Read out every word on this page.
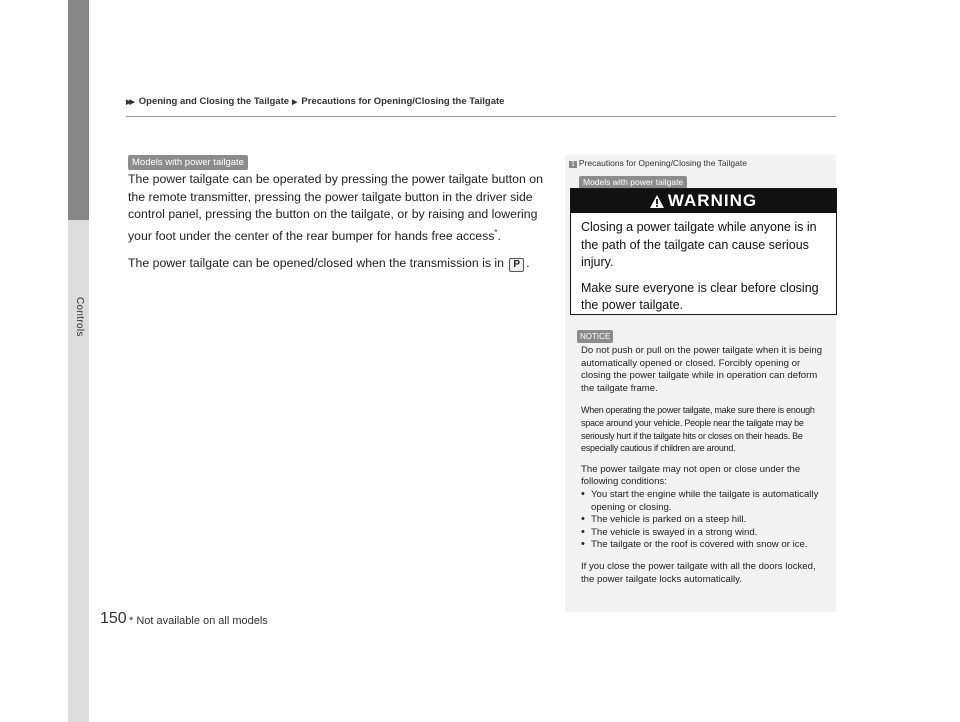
Controls
▶▶ Opening and Closing the Tailgate ▶ Precautions for Opening/Closing the Tailgate
Models with power tailgate

The power tailgate can be operated by pressing the power tailgate button on the remote transmitter, pressing the power tailgate button in the driver side control panel, pressing the button on the tailgate, or by raising and lowering your foot under the center of the rear bumper for hands free access*.

The power tailgate can be opened/closed when the transmission is in P .

1 Precautions for Opening/Closing the Tailgate
Models with power tailgate
WARNING

Closing a power tailgate while anyone is in the path of the tailgate can cause serious injury.

Make sure everyone is clear before closing the power tailgate.

NOTICE

Do not push or pull on the power tailgate when it is being automatically opened or closed. Forcibly opening or closing the power tailgate while in operation can deform the tailgate frame.

When operating the power tailgate, make sure there is enough space around your vehicle. People near the tailgate may be seriously hurt if the tailgate hits or closes on their heads. Be especially cautious if children are around.

The power tailgate may not open or close under the following conditions:

• You start the engine while the tailgate is automatically opening or closing.
• The vehicle is parked on a steep hill.
• The vehicle is swayed in a strong wind.
• The tailgate or the roof is covered with snow or ice.

If you close the power tailgate with all the doors locked, the power tailgate locks automatically.

150 * Not available on all models
